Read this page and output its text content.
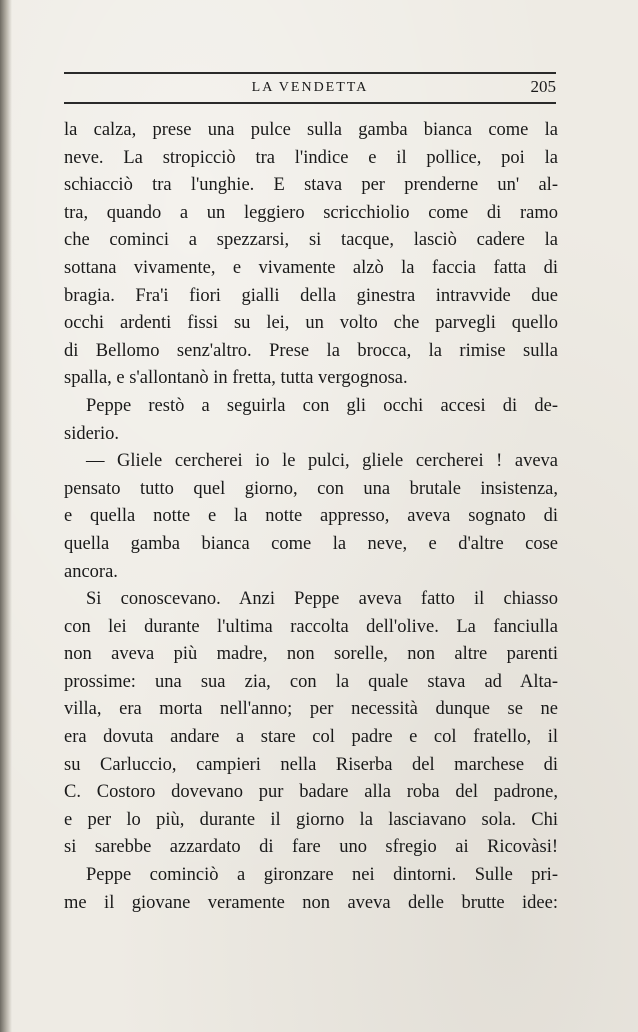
LA VENDETTA	205
la calza, prese una pulce sulla gamba bianca come la
neve. La stropicciò tra l'indice e il pollice, poi la
schiacciò tra l'unghie. E stava per prenderne un' al-
tra, quando a un leggiero scricchiolio come di ramo
che cominci a spezzarsi, si tacque, lasciò cadere la
sottana vivamente, e vivamente alzò la faccia fatta di
bragia. Fra'i fiori gialli della ginestra intravvide due
occhi ardenti fissi su lei, un volto che parvegli quello
di Bellomo senz'altro. Prese la brocca, la rimise sulla
spalla, e s'allontanò in fretta, tutta vergognosa.
Peppe restò a seguirla con gli occhi accesi di de-
siderio.
— Gliele cercherei io le pulci, gliele cercherei ! aveva
pensato tutto quel giorno, con una brutale insistenza,
e quella notte e la notte appresso, aveva sognato di
quella gamba bianca come la neve, e d'altre cose
ancora.
Si conoscevano. Anzi Peppe aveva fatto il chiasso
con lei durante l'ultima raccolta dell'olive. La fanciulla
non aveva più madre, non sorelle, non altre parenti
prossime: una sua zia, con la quale stava ad Alta-
villa, era morta nell'anno; per necessità dunque se ne
era dovuta andare a stare col padre e col fratello, il
su Carluccio, campieri nella Riserba del marchese di
C. Costoro dovevano pur badare alla roba del padrone,
e per lo più, durante il giorno la lasciavano sola. Chi
si sarebbe azzardato di fare uno sfregio ai Ricovàsi!
Peppe cominciò a gironzare nei dintorni. Sulle pri-
me il giovane veramente non aveva delle brutte idee:
